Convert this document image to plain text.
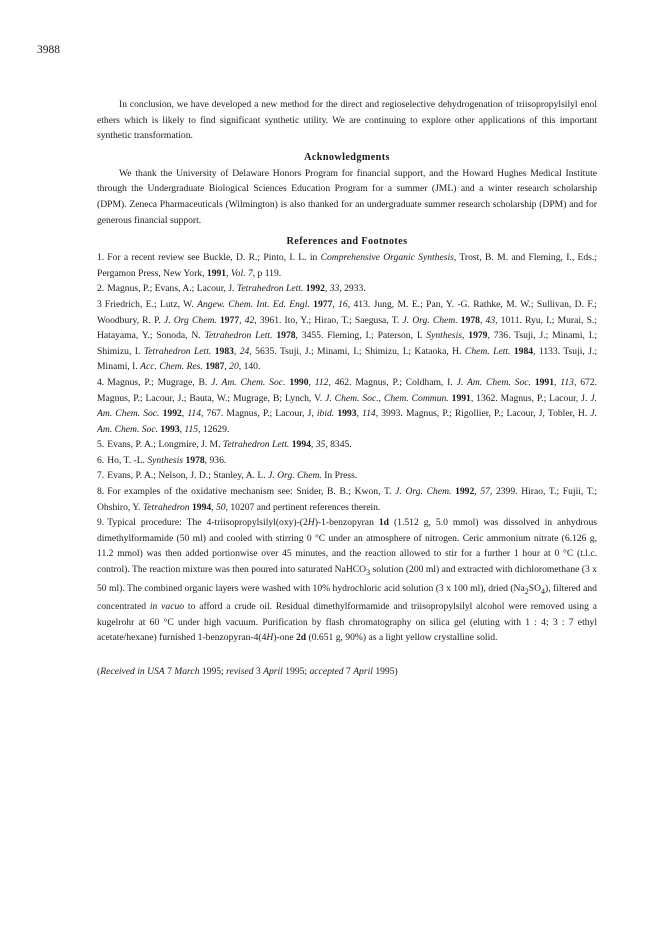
3988

In conclusion, we have developed a new method for the direct and regioselective dehydrogenation of triisopropylsilyl enol ethers which is likely to find significant synthetic utility. We are continuing to explore other applications of this important synthetic transformation.

Acknowledgments

We thank the University of Delaware Honors Program for financial support, and the Howard Hughes Medical Institute through the Undergraduate Biological Sciences Education Program for a summer (JML) and a winter research scholarship (DPM). Zeneca Pharmaceuticals (Wilmington) is also thanked for an undergraduate summer research scholarship (DPM) and for generous financial support.

References and Footnotes

1. For a recent review see Buckle, D. R.; Pinto, I. L. in Comprehensive Organic Synthesis, Trost, B. M. and Fleming, I., Eds.; Pergamon Press, New York, 1991, Vol. 7, p 119.

2. Magnus, P.; Evans, A.; Lacour, J. Tetrahedron Lett. 1992, 33, 2933.

3 Friedrich, E.; Lutz, W. Angew. Chem. Int. Ed. Engl. 1977, 16, 413. Jung, M. E.; Pan, Y. -G. Rathke, M. W.; Sullivan, D. F.; Woodbury, R. P. J. Org Chem. 1977, 42, 3961. Ito, Y.; Hirao, T.; Saegusa, T. J. Org. Chem. 1978, 43, 1011. Ryu, I.; Murai, S.; Hatayama, Y.; Sonoda, N. Tetrahedron Lett. 1978, 3455. Fleming, I.; Paterson, I. Synthesis, 1979, 736. Tsuji, J.; Minami, I.; Shimizu, I. Tetrahedron Lett. 1983, 24, 5635. Tsuji, J.; Minami, I.; Shimizu, I.; Kataoka, H. Chem. Lett. 1984, 1133. Tsuji, J.; Minami, I. Acc. Chem. Res. 1987, 20, 140.

4. Magnus, P.; Mugrage, B. J. Am. Chem. Soc. 1990, 112, 462. Magnus, P.; Coldham, I. J. Am. Chem. Soc. 1991, 113, 672. Magnus, P.; Lacour, J.; Bauta, W.; Mugrage, B; Lynch, V. J. Chem. Soc., Chem. Commun. 1991, 1362. Magnus, P.; Lacour, J. J. Am. Chem. Soc. 1992, 114, 767. Magnus, P.; Lacour, J, ibid. 1993, 114, 3993. Magnus, P.; Rigollier, P.; Lacour, J, Tobler, H. J. Am. Chem. Soc. 1993, 115, 12629.

5. Evans, P. A.; Longmire, J. M. Tetrahedron Lett. 1994, 35, 8345.

6. Ho, T. -L. Synthesis 1978, 936.

7. Evans, P. A.; Nelson, J. D.; Stanley, A. L. J. Org. Chem. In Press.

8. For examples of the oxidative mechanism see: Snider, B. B.; Kwon, T. J. Org. Chem. 1992, 57, 2399. Hirao, T.; Fujii, T.; Ohshiro, Y. Tetrahedron 1994, 50, 10207 and pertinent references therein.

9. Typical procedure: The 4-triisopropylsilyl(oxy)-(2H)-1-benzopyran 1d (1.512 g, 5.0 mmol) was dissolved in anhydrous dimethylformamide (50 ml) and cooled with stirring 0 °C under an atmosphere of nitrogen. Ceric ammonium nitrate (6.126 g, 11.2 mmol) was then added portionwise over 45 minutes, and the reaction allowed to stir for a further 1 hour at 0 °C (t.l.c. control). The reaction mixture was then poured into saturated NaHCO$_3$ solution (200 ml) and extracted with dichloromethane (3 x 50 ml). The combined organic layers were washed with 10% hydrochloric acid solution (3 x 100 ml), dried $(Na_2SO_4)$, filtered and concentrated in vacuo to afford a crude oil. Residual dimethylformamide and triisopropylsilyl alcohol were removed using a kugelrohr at 60 °C under high vacuum. Purification by flash chromatography on silica gel (eluting with 1 : 4; 3 : 7 ethyl acetate/hexane) furnished 1-benzopyran-4(4H)-one 2d (0.651 g, 90%) as a light yellow crystalline solid.

(Received in USA 7 March 1995; revised 3 April 1995; accepted 7 April 1995)
